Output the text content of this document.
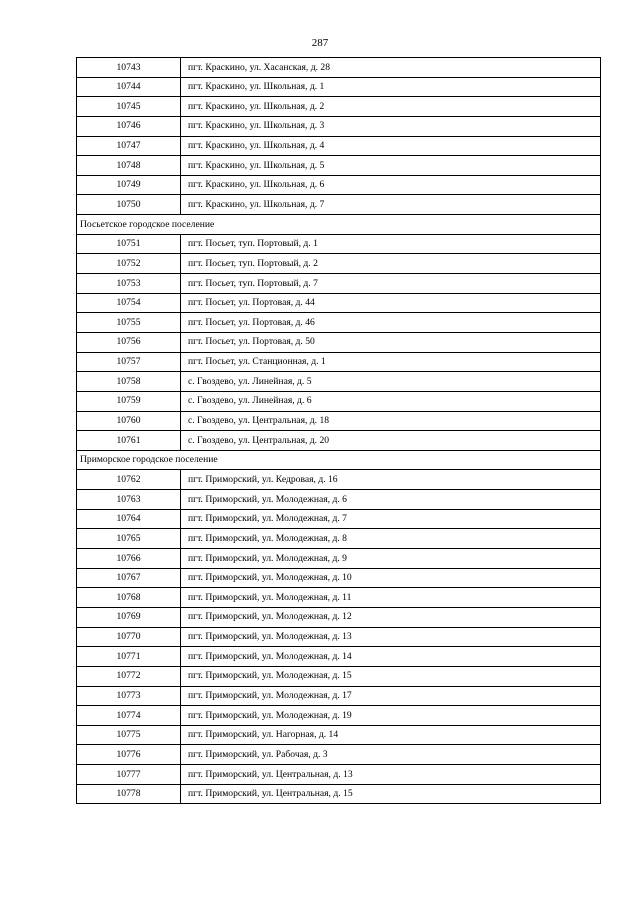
287
10743	пгт. Краскино, ул. Хасанская, д. 28
10744	пгт. Краскино, ул. Школьная, д. 1
10745	пгт. Краскино, ул. Школьная, д. 2
10746	пгт. Краскино, ул. Школьная, д. 3
10747	пгт. Краскино, ул. Школьная, д. 4
10748	пгт. Краскино, ул. Школьная, д. 5
10749	пгт. Краскино, ул. Школьная, д. 6
10750	пгт. Краскино, ул. Школьная, д. 7
Посьетское городское поселение	
10751	пгт. Посьет, туп. Портовый, д. 1
10752	пгт. Посьет, туп. Портовый, д. 2
10753	пгт. Посьет, туп. Портовый, д. 7
10754	пгт. Посьет, ул. Портовая, д. 44
10755	пгт. Посьет, ул. Портовая, д. 46
10756	пгт. Посьет, ул. Портовая, д. 50
10757	пгт. Посьет, ул. Станционная, д. 1
10758	с. Гвоздево, ул. Линейная, д. 5
10759	с. Гвоздево, ул. Линейная, д. 6
10760	с. Гвоздево, ул. Центральная, д. 18
10761	с. Гвоздево, ул. Центральная, д. 20
Приморское городское поселение	
10762	пгт. Приморский, ул. Кедровая, д. 16
10763	пгт. Приморский, ул. Молодежная, д. 6
10764	пгт. Приморский, ул. Молодежная, д. 7
10765	пгт. Приморский, ул. Молодежная, д. 8
10766	пгт. Приморский, ул. Молодежная, д. 9
10767	пгт. Приморский, ул. Молодежная, д. 10
10768	пгт. Приморский, ул. Молодежная, д. 11
10769	пгт. Приморский, ул. Молодежная, д. 12
10770	пгт. Приморский, ул. Молодежная, д. 13
10771	пгт. Приморский, ул. Молодежная, д. 14
10772	пгт. Приморский, ул. Молодежная, д. 15
10773	пгт. Приморский, ул. Молодежная, д. 17
10774	пгт. Приморский, ул. Молодежная, д. 19
10775	пгт. Приморский, ул. Нагорная, д. 14
10776	пгт. Приморский, ул. Рабочая, д. 3
10777	пгт. Приморский, ул. Центральная, д. 13
10778	пгт. Приморский, ул. Центральная, д. 15
